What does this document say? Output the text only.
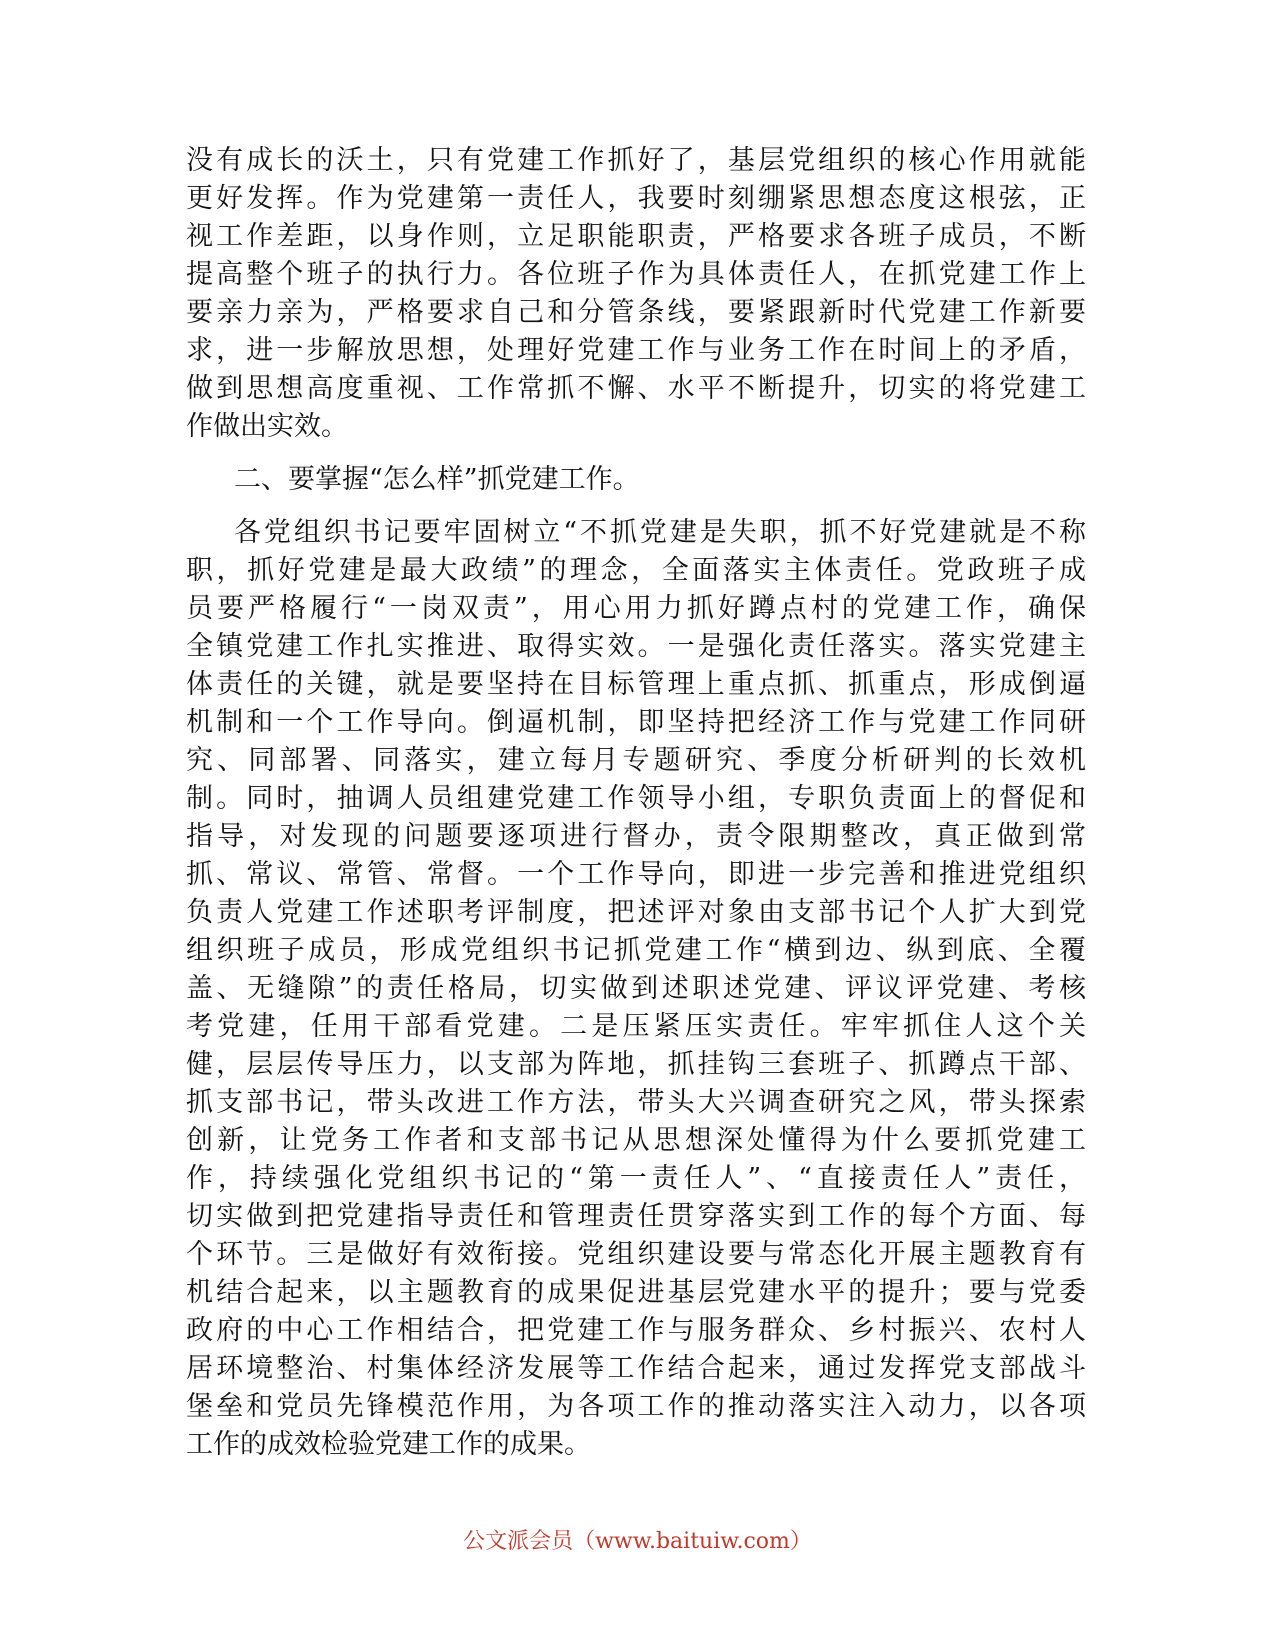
没有成长的沃土，只有党建工作抓好了，基层党组织的核心作用就能
更好发挥。作为党建第一责任人，我要时刻绷紧思想态度这根弦，正
视工作差距，以身作则，立足职能职责，严格要求各班子成员，不断
提高整个班子的执行力。各位班子作为具体责任人，在抓党建工作上
要亲力亲为，严格要求自己和分管条线，要紧跟新时代党建工作新要
求，进一步解放思想，处理好党建工作与业务工作在时间上的矛盾，
做到思想高度重视、工作常抓不懈、水平不断提升，切实的将党建工
作做出实效。
二、要掌握“怎么样”抓党建工作。
各党组织书记要牢固树立“不抓党建是失职，抓不好党建就是不称
职，抓好党建是最大政绩”的理念，全面落实主体责任。党政班子成
员要严格履行“一岗双责”，用心用力抓好蹲点村的党建工作，确保
全镇党建工作扎实推进、取得实效。一是强化责任落实。落实党建主
体责任的关键，就是要坚持在目标管理上重点抓、抓重点，形成倒逼
机制和一个工作导向。倒逼机制，即坚持把经济工作与党建工作同研
究、同部署、同落实，建立每月专题研究、季度分析研判的长效机
制。同时，抽调人员组建党建工作领导小组，专职负责面上的督促和
指导，对发现的问题要逐项进行督办，责令限期整改，真正做到常
抓、常议、常管、常督。一个工作导向，即进一步完善和推进党组织
负责人党建工作述职考评制度，把述评对象由支部书记个人扩大到党
组织班子成员，形成党组织书记抓党建工作“横到边、纵到底、全覆
盖、无缝隙”的责任格局，切实做到述职述党建、评议评党建、考核
考党建，任用干部看党建。二是压紧压实责任。牢牢抓住人这个关
健，层层传导压力，以支部为阵地，抓挂钩三套班子、抓蹲点干部、
抓支部书记，带头改进工作方法，带头大兴调查研究之风，带头探索
创新，让党务工作者和支部书记从思想深处懂得为什么要抓党建工
作，持续强化党组织书记的“第一责任人”、“直接责任人”责任，
切实做到把党建指导责任和管理责任贯穿落实到工作的每个方面、每
个环节。三是做好有效衔接。党组织建设要与常态化开展主题教育有
机结合起来，以主题教育的成果促进基层党建水平的提升；要与党委
政府的中心工作相结合，把党建工作与服务群众、乡村振兴、农村人
居环境整治、村集体经济发展等工作结合起来，通过发挥党支部战斗
堡垒和党员先锋模范作用，为各项工作的推动落实注入动力，以各项
工作的成效检验党建工作的成果。
公文派会员（www.baituiw.com）
